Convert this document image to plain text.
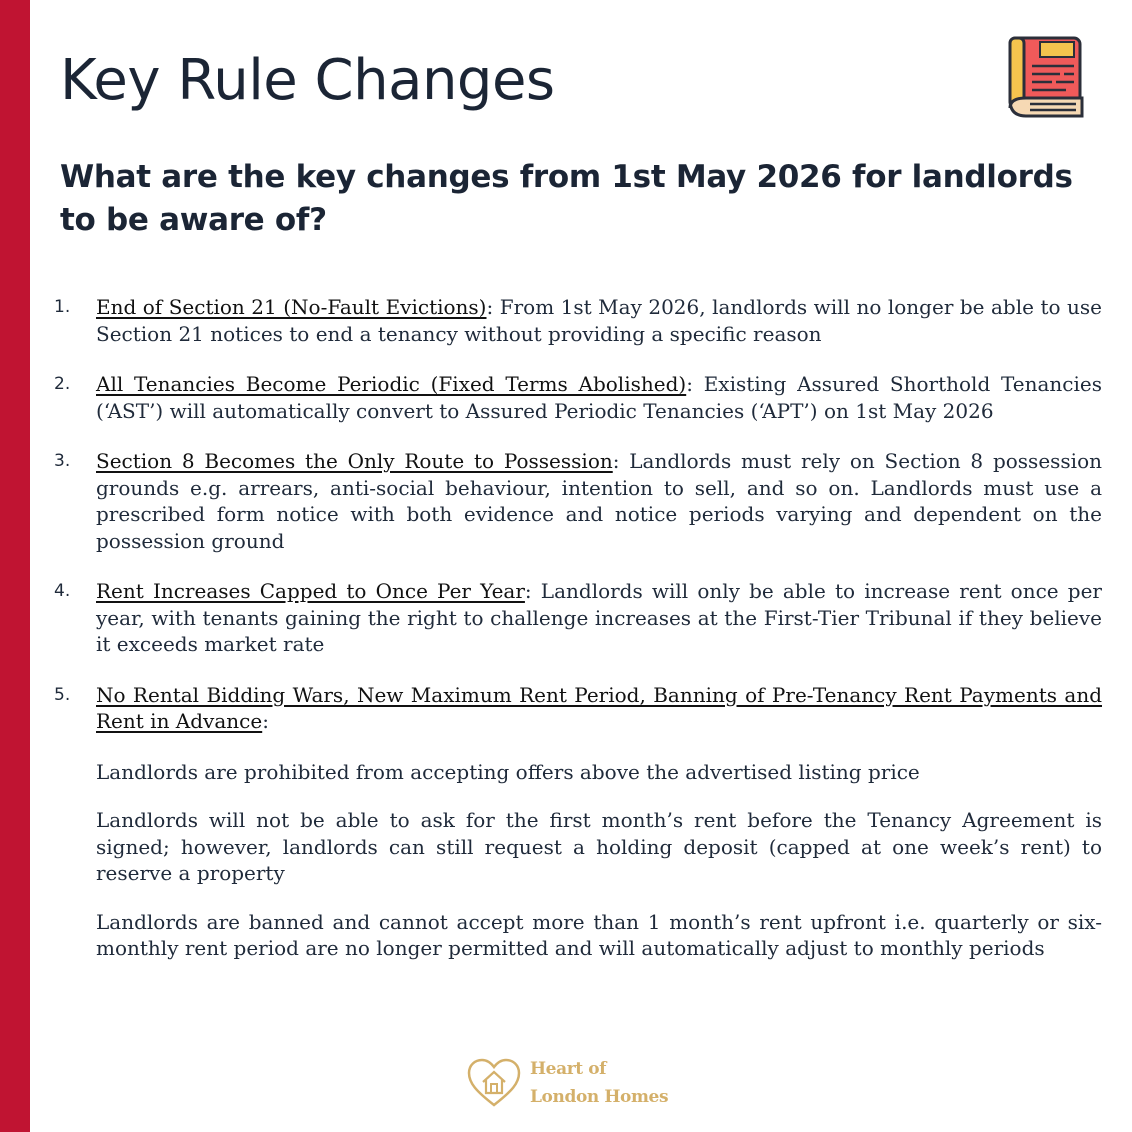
Key Rule Changes
What are the key changes from 1st May 2026 for landlords to be aware of?
1. End of Section 21 (No-Fault Evictions): From 1st May 2026, landlords will no longer be able to use Section 21 notices to end a tenancy without providing a specific reason
2. All Tenancies Become Periodic (Fixed Terms Abolished): Existing Assured Shorthold Tenancies (‘AST’) will automatically convert to Assured Periodic Tenancies (‘APT’) on 1st May 2026
3. Section 8 Becomes the Only Route to Possession: Landlords must rely on Section 8 possession grounds e.g. arrears, anti-social behaviour, intention to sell, and so on. Landlords must use a prescribed form notice with both evidence and notice periods varying and dependent on the possession ground
4. Rent Increases Capped to Once Per Year: Landlords will only be able to increase rent once per year, with tenants gaining the right to challenge increases at the First-Tier Tribunal if they believe it exceeds market rate
5. No Rental Bidding Wars, New Maximum Rent Period, Banning of Pre-Tenancy Rent Payments and Rent in Advance:

Landlords are prohibited from accepting offers above the advertised listing price

Landlords will not be able to ask for the first month’s rent before the Tenancy Agreement is signed; however, landlords can still request a holding deposit (capped at one week’s rent) to reserve a property

Landlords are banned and cannot accept more than 1 month’s rent upfront i.e. quarterly or six-monthly rent period are no longer permitted and will automatically adjust to monthly periods

Heart of
London Homes
